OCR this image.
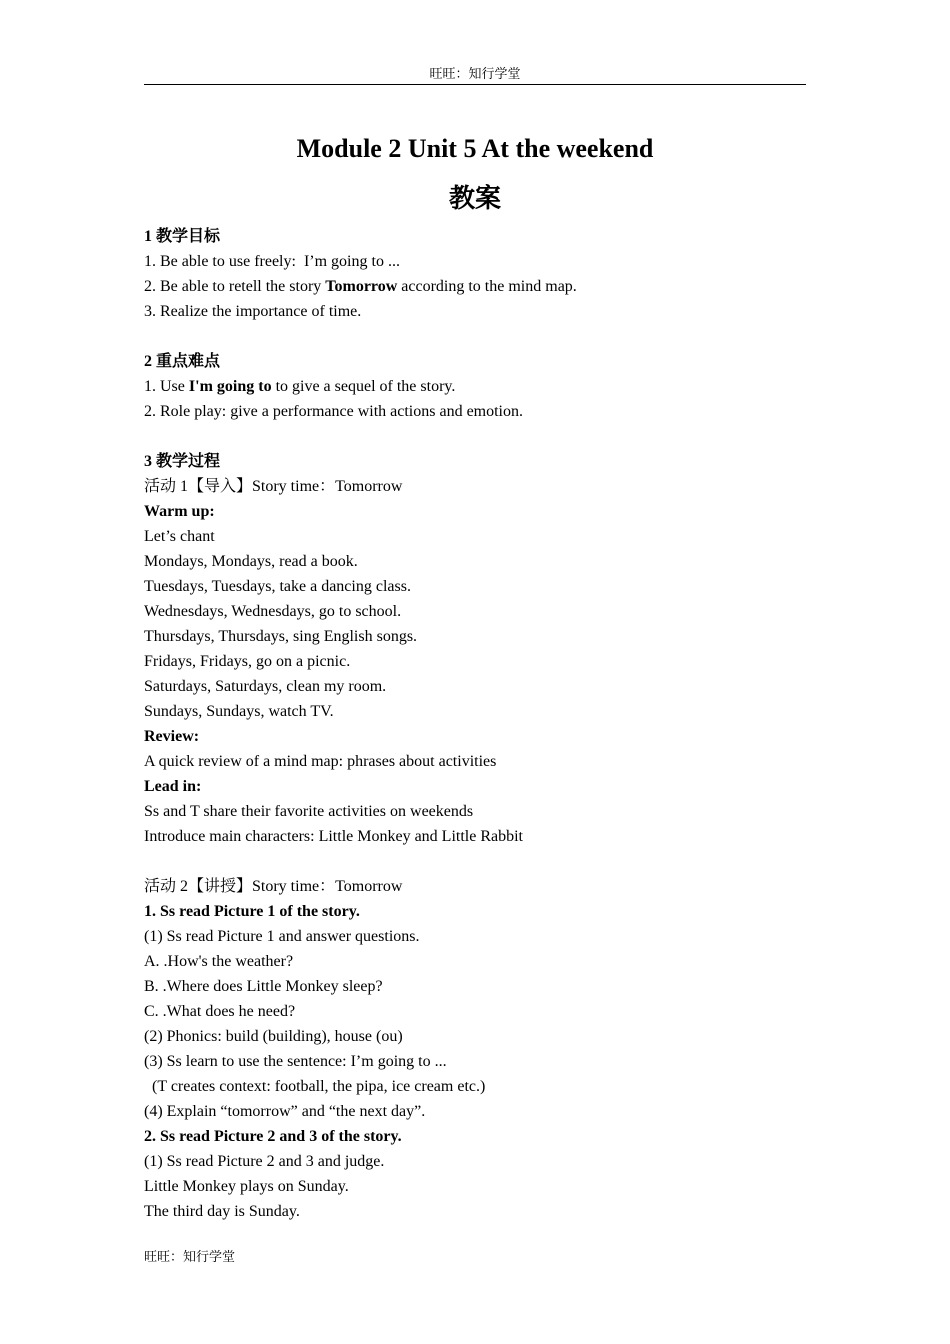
旺旺：知行学堂
Module 2 Unit 5 At the weekend
教案
1 教学目标
1. Be able to use freely:  I’m going to ...
2. Be able to retell the story Tomorrow according to the mind map.
3. Realize the importance of time.
2 重点难点
1. Use I'm going to to give a sequel of the story.
2. Role play: give a performance with actions and emotion.
3 教学过程
活动 1【导入】Story time：Tomorrow
Warm up:
Let’s chant
Mondays, Mondays, read a book.
Tuesdays, Tuesdays, take a dancing class.
Wednesdays, Wednesdays, go to school.
Thursdays, Thursdays, sing English songs.
Fridays, Fridays, go on a picnic.
Saturdays, Saturdays, clean my room.
Sundays, Sundays, watch TV.
Review:
A quick review of a mind map: phrases about activities
Lead in:
Ss and T share their favorite activities on weekends
Introduce main characters: Little Monkey and Little Rabbit
活动 2【讲授】Story time：Tomorrow
1. Ss read Picture 1 of the story.
(1) Ss read Picture 1 and answer questions.
A. .How's the weather?
B. .Where does Little Monkey sleep?
C. .What does he need?
(2) Phonics: build (building), house (ou)
(3) Ss learn to use the sentence: I’m going to ...
(T creates context: football, the pipa, ice cream etc.)
(4) Explain “tomorrow” and “the next day”.
2. Ss read Picture 2 and 3 of the story.
(1) Ss read Picture 2 and 3 and judge.
Little Monkey plays on Sunday.
The third day is Sunday.
旺旺：知行学堂
